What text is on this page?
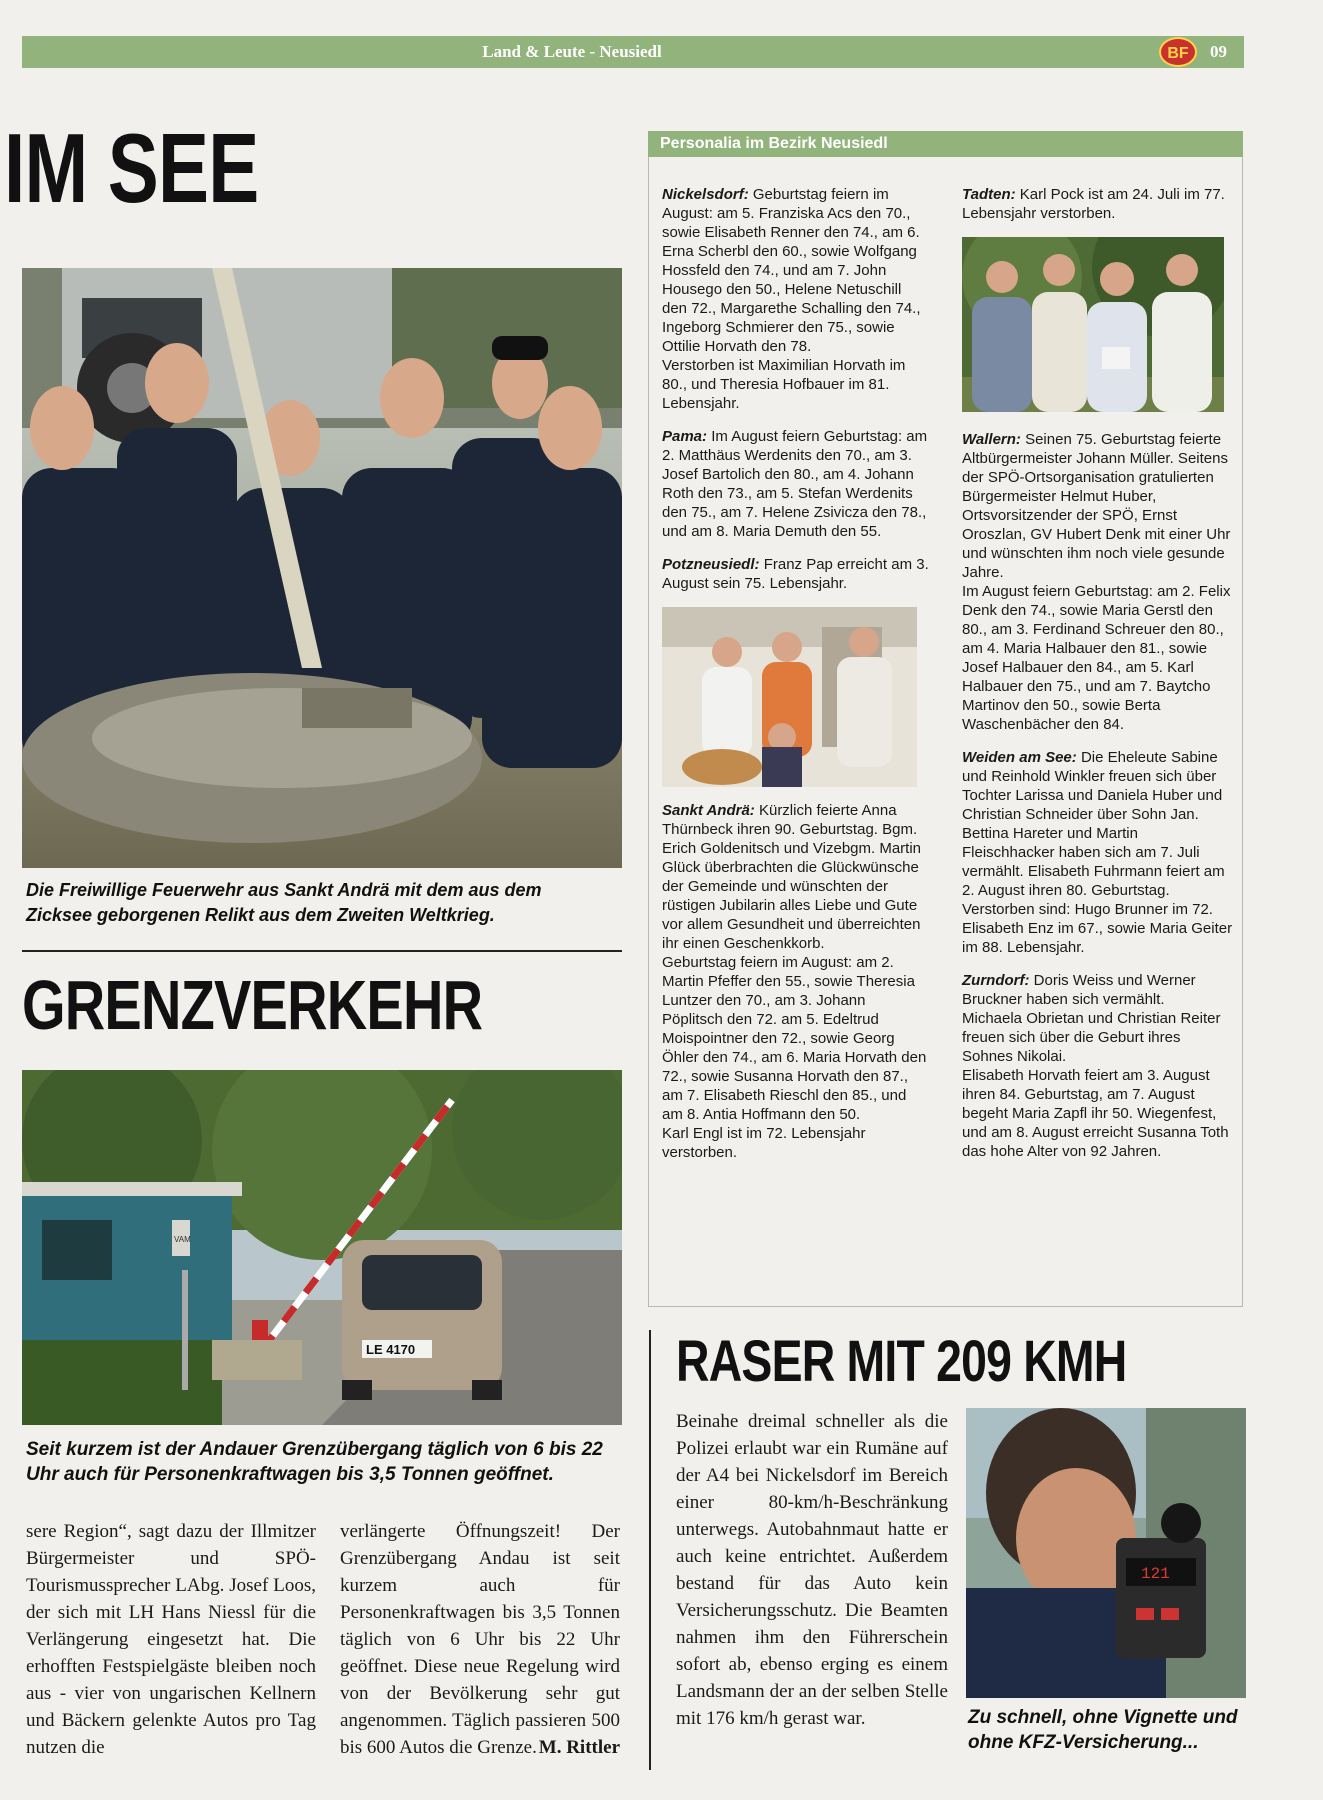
Land & Leute - Neusiedl	BF	09
IM SEE
Die Freiwillige Feuerwehr aus Sankt Andrä mit dem aus dem Zicksee geborgenen Relikt aus dem Zweiten Weltkrieg.
GRENZVERKEHR
VAM
LE 4170
Seit kurzem ist der Andauer Grenzübergang täglich von 6 bis 22 Uhr auch für Personenkraftwagen bis 3,5 Tonnen geöffnet.
sere Region“, sagt dazu der Illmitzer Bürgermeister und SPÖ-Tourismussprecher LAbg. Josef Loos, der sich mit LH Hans Niessl für die Verlängerung eingesetzt hat. Die erhofften Festspielgäste bleiben noch aus - vier von ungarischen Kellnern und Bäckern gelenkte Autos pro Tag nutzen die
verlängerte Öffnungszeit! Der Grenzübergang Andau ist seit kurzem auch für Personenkraftwagen bis 3,5 Tonnen täglich von 6 Uhr bis 22 Uhr geöffnet. Diese neue Regelung wird von der Bevölkerung sehr gut angenommen. Täglich passieren 500 bis 600 Autos die Grenze. M. Rittler
Personalia im Bezirk Neusiedl

Nickelsdorf: Geburtstag feiern im August: am 5. Franziska Acs den 70., sowie Elisabeth Renner den 74., am 6. Erna Scherbl den 60., sowie Wolfgang Hossfeld den 74., und am 7. John Housego den 50., Helene Netuschill den 72., Margarethe Schalling den 74., Ingeborg Schmierer den 75., sowie Ottilie Horvath den 78.
Verstorben ist Maximilian Horvath im 80., und Theresia Hofbauer im 81. Lebensjahr.

Pama: Im August feiern Geburtstag: am 2. Matthäus Werdenits den 70., am 3. Josef Bartolich den 80., am 4. Johann Roth den 73., am 5. Stefan Werdenits den 75., am 7. Helene Zsivicza den 78., und am 8. Maria Demuth den 55.

Potzneusiedl: Franz Pap erreicht am 3. August sein 75. Lebensjahr.

Sankt Andrä: Kürzlich feierte Anna Thürnbeck ihren 90. Geburtstag. Bgm. Erich Goldenitsch und Vizebgm. Martin Glück überbrachten die Glückwünsche der Gemeinde und wünschten der rüstigen Jubilarin alles Liebe und Gute vor allem Gesundheit und überreichten ihr einen Geschenkkorb.
Geburtstag feiern im August: am 2. Martin Pfeffer den 55., sowie Theresia Luntzer den 70., am 3. Johann Pöplitsch den 72. am 5. Edeltrud Moispointner den 72., sowie Georg Öhler den 74., am 6. Maria Horvath den 72., sowie Susanna Horvath den 87., am 7. Elisabeth Rieschl den 85., und am 8. Antia Hoffmann den 50.
Karl Engl ist im 72. Lebensjahr verstorben.

Tadten: Karl Pock ist am 24. Juli im 77. Lebensjahr verstorben.

Wallern: Seinen 75. Geburtstag feierte Altbürgermeister Johann Müller. Seitens der SPÖ-Ortsorganisation gratulierten Bürgermeister Helmut Huber, Ortsvorsitzender der SPÖ, Ernst Oroszlan, GV Hubert Denk mit einer Uhr und wünschten ihm noch viele gesunde Jahre.
Im August feiern Geburtstag: am 2. Felix Denk den 74., sowie Maria Gerstl den 80., am 3. Ferdinand Schreuer den 80., am 4. Maria Halbauer den 81., sowie Josef Halbauer den 84., am 5. Karl Halbauer den 75., und am 7. Baytcho Martinov den 50., sowie Berta Waschenbächer den 84.

Weiden am See: Die Eheleute Sabine und Reinhold Winkler freuen sich über Tochter Larissa und Daniela Huber und Christian Schneider über Sohn Jan. Bettina Hareter und Martin Fleischhacker haben sich am 7. Juli vermählt. Elisabeth Fuhrmann feiert am 2. August ihren 80. Geburtstag.
Verstorben sind: Hugo Brunner im 72. Elisabeth Enz im 67., sowie Maria Geiter im 88. Lebensjahr.

Zurndorf: Doris Weiss und Werner Bruckner haben sich vermählt.
Michaela Obrietan und Christian Reiter freuen sich über die Geburt ihres Sohnes Nikolai.
Elisabeth Horvath feiert am 3. August ihren 84. Geburtstag, am 7. August begeht Maria Zapfl ihr 50. Wiegenfest, und am 8. August erreicht Susanna Toth das hohe Alter von 92 Jahren.

RASER MIT 209 KMH
Beinahe dreimal schneller als die Polizei erlaubt war ein Rumäne auf der A4 bei Nickelsdorf im Bereich einer 80-km/h-Beschränkung unterwegs. Autobahnmaut hatte er auch keine entrichtet. Außerdem bestand für das Auto kein Versicherungsschutz. Die Beamten nahmen ihm den Führerschein sofort ab, ebenso erging es einem Landsmann der an der selben Stelle mit 176 km/h gerast war.
121
Zu schnell, ohne Vignette und ohne KFZ-Versicherung...
